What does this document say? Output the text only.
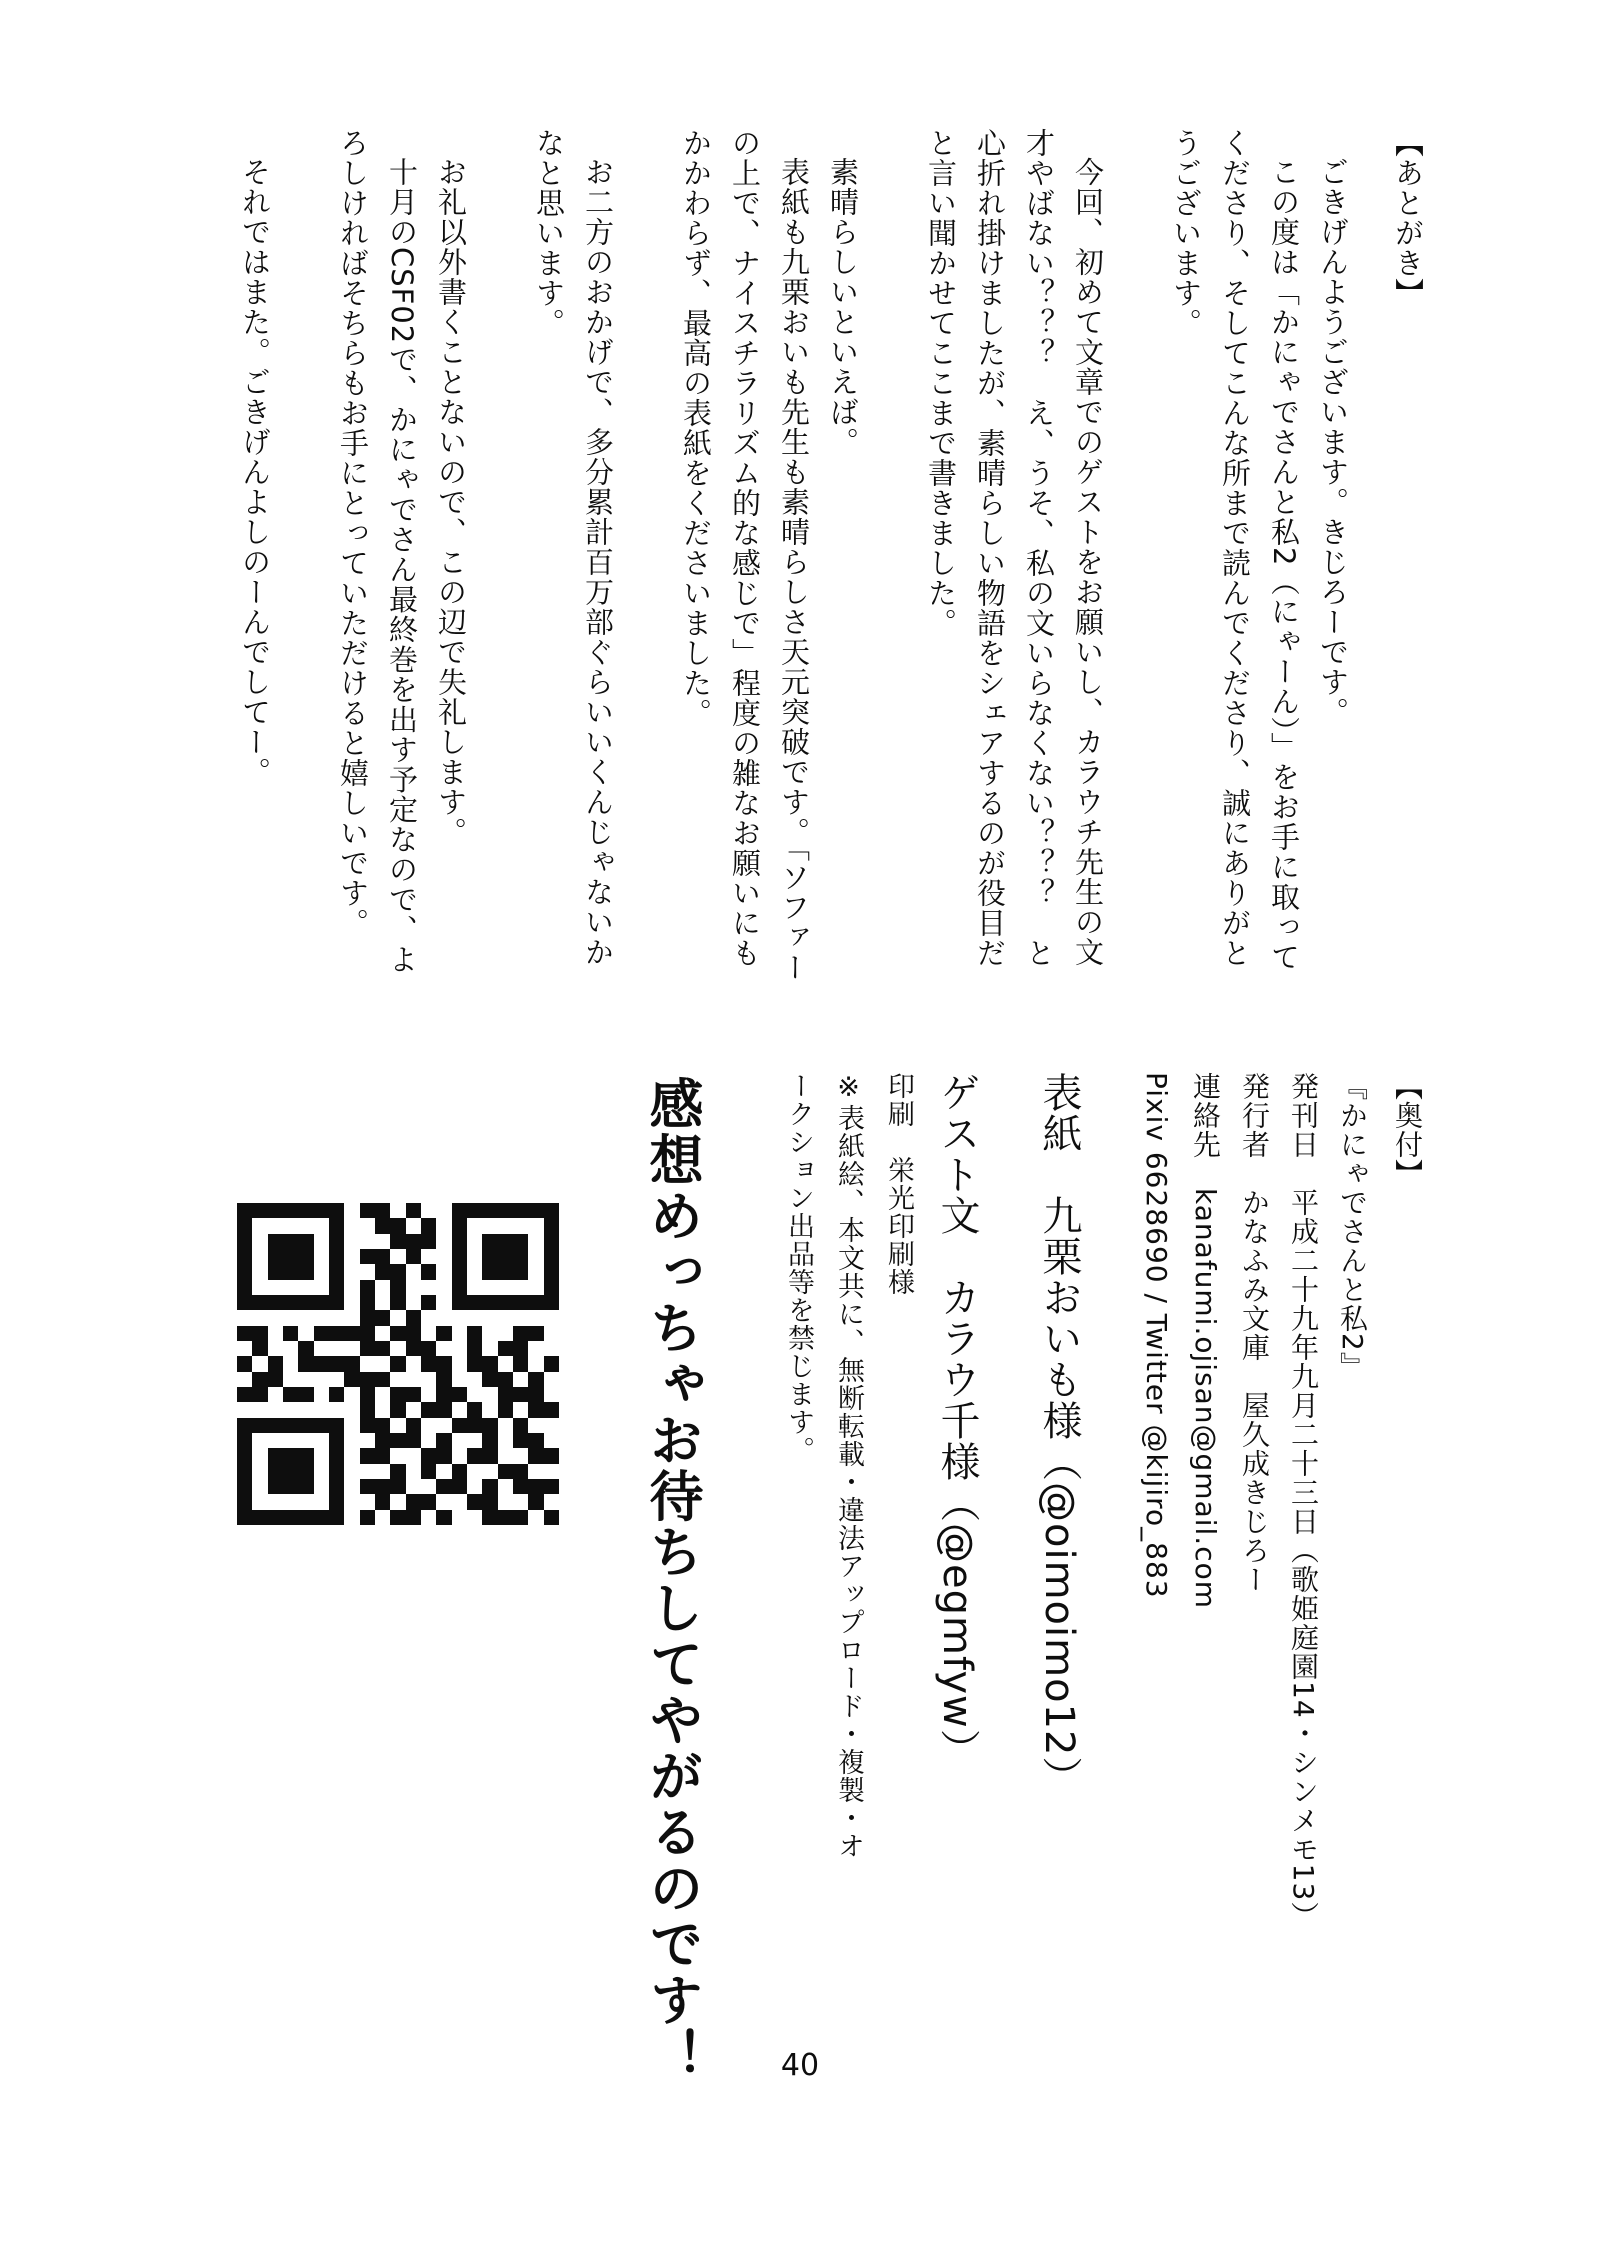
【あとがき】
ごきげんようございます。きじろーです。
この度は「かにゃでさんと私2（にゃーん）」をお手に取って
くださり、そしてこんな所まで読んでくださり、誠にありがと
うございます。

今回、初めて文章でのゲストをお願いし、カラウチ先生の文
才やばない？？？　え、うそ、私の文いらなくない？？？　と
心折れ掛けましたが、素晴らしい物語をシェアするのが役目だ
と言い聞かせてここまで書きました。

素晴らしいといえば。
表紙も九栗おいも先生も素晴らしさ天元突破です。「ソファー
の上で、ナイスチラリズム的な感じで」程度の雑なお願いにも
かかわらず、最高の表紙をくださいました。

お二方のおかげで、多分累計百万部ぐらいいくんじゃないか
なと思います。

お礼以外書くことないので、この辺で失礼します。
十月のCSF02で、かにゃでさん最終巻を出す予定なので、よ
ろしければそちらもお手にとっていただけると嬉しいです。

それではまた。ごきげんよしのーんでしてー。
【奥付】
『かにゃでさんと私2』
発刊日　平成二十九年九月二十三日（歌姫庭園14・シンメモ13）
発行者　かなふみ文庫　屋久成きじろー
連絡先　kanafumi.ojisan@gmail.com
Pixiv 6628690 / Twitter @kijiro_883
表紙　九栗おいも様（@oimoimo12）
ゲスト文　カラウ千様（@egmfyw）
印刷　栄光印刷様
※表紙絵、本文共に、無断転載・違法アップロード・複製・オ
ークション出品等を禁じます。
感想めっちゃお待ちしてやがるのです！	40
